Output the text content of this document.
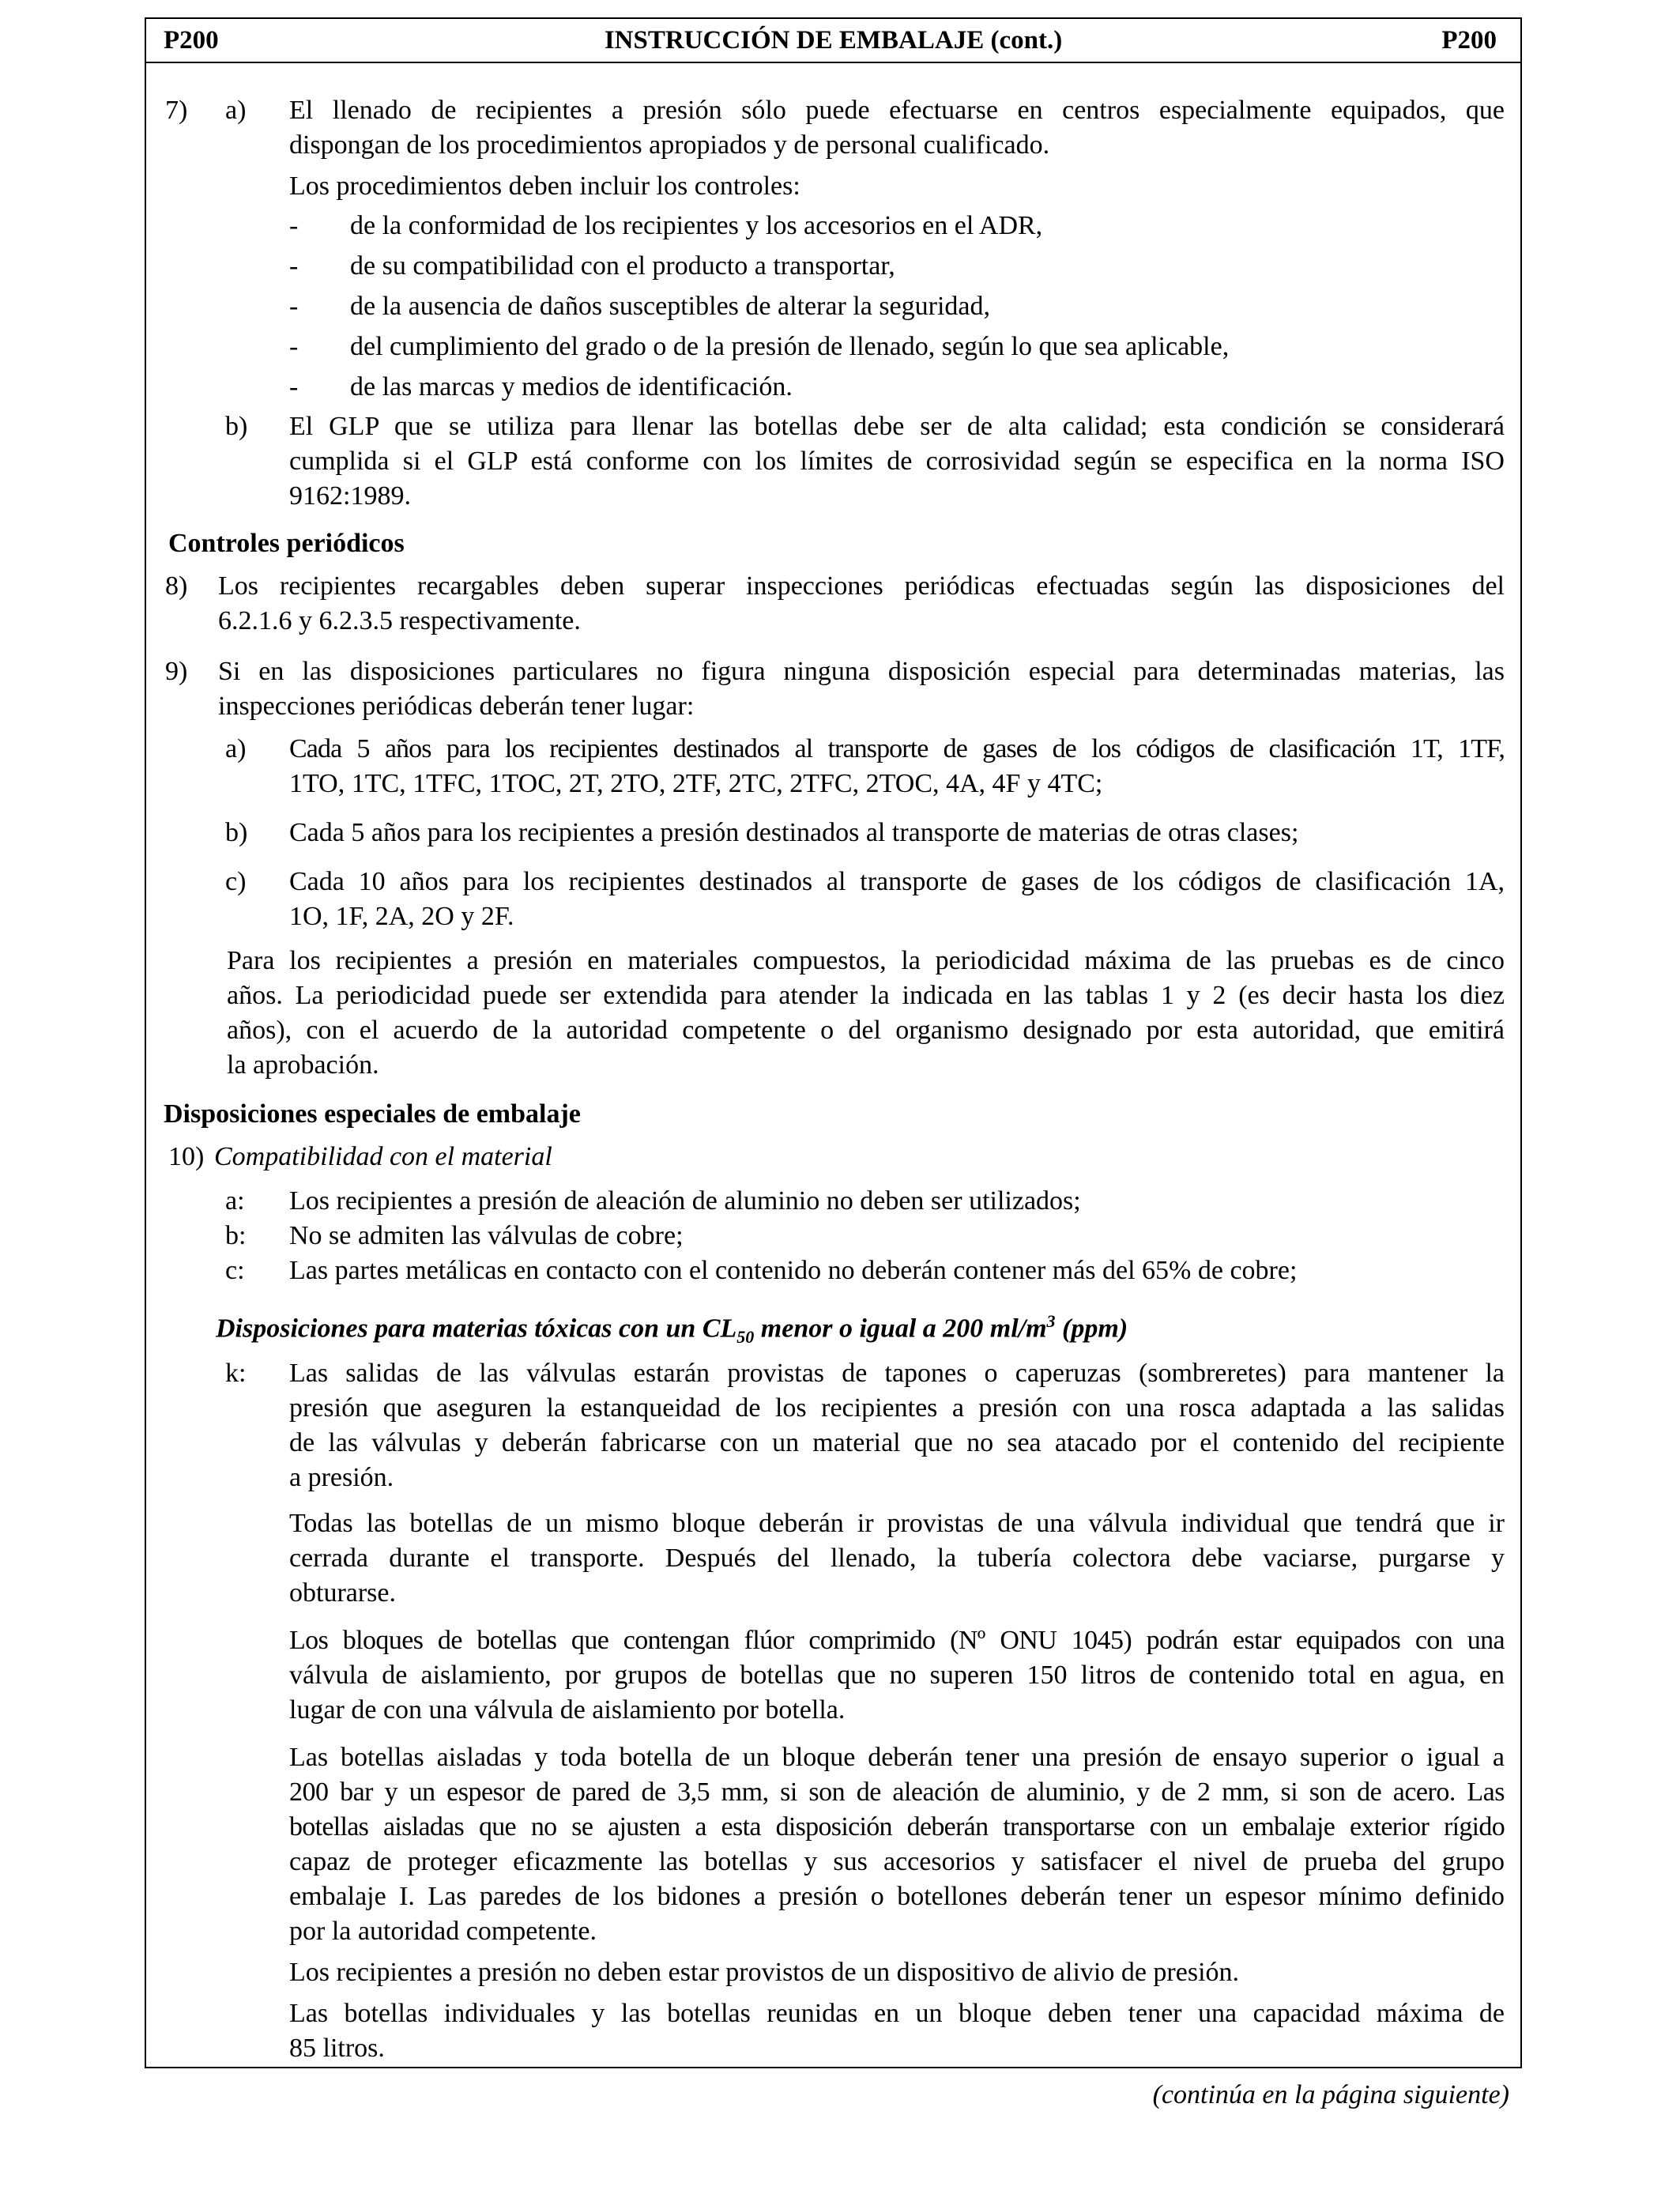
P200	INSTRUCCIÓN DE EMBALAJE (cont.)	P200
7) a) El llenado de recipientes a presión sólo puede efectuarse en centros especialmente equipados, que
dispongan de los procedimientos apropiados y de personal cualificado.
Los procedimientos deben incluir los controles:
- de la conformidad de los recipientes y los accesorios en el ADR,
- de su compatibilidad con el producto a transportar,
- de la ausencia de daños susceptibles de alterar la seguridad,
- del cumplimiento del grado o de la presión de llenado, según lo que sea aplicable,
- de las marcas y medios de identificación.
b) El GLP que se utiliza para llenar las botellas debe ser de alta calidad; esta condición se considerará
cumplida si el GLP está conforme con los límites de corrosividad según se especifica en la norma ISO
9162:1989.
Controles periódicos
8) Los recipientes recargables deben superar inspecciones periódicas efectuadas según las disposiciones del
6.2.1.6 y 6.2.3.5 respectivamente.
9) Si en las disposiciones particulares no figura ninguna disposición especial para determinadas materias, las
inspecciones periódicas deberán tener lugar:
a) Cada 5 años para los recipientes destinados al transporte de gases de los códigos de clasificación 1T, 1TF,
1TO, 1TC, 1TFC, 1TOC, 2T, 2TO, 2TF, 2TC, 2TFC, 2TOC, 4A, 4F y 4TC;
b) Cada 5 años para los recipientes a presión destinados al transporte de materias de otras clases;
c) Cada 10 años para los recipientes destinados al transporte de gases de los códigos de clasificación 1A,
1O, 1F, 2A, 2O y 2F.
Para los recipientes a presión en materiales compuestos, la periodicidad máxima de las pruebas es de cinco
años. La periodicidad puede ser extendida para atender la indicada en las tablas 1 y 2 (es decir hasta los diez
años), con el acuerdo de la autoridad competente o del organismo designado por esta autoridad, que emitirá
la aprobación.
Disposiciones especiales de embalaje
10) Compatibilidad con el material
a: Los recipientes a presión de aleación de aluminio no deben ser utilizados;
b: No se admiten las válvulas de cobre;
c: Las partes metálicas en contacto con el contenido no deberán contener más del 65% de cobre;
Disposiciones para materias tóxicas con un $CL_{50}$ menor o igual a 200 $ml/m^3$ (ppm)
k: Las salidas de las válvulas estarán provistas de tapones o caperuzas (sombreretes) para mantener la
presión que aseguren la estanqueidad de los recipientes a presión con una rosca adaptada a las salidas
de las válvulas y deberán fabricarse con un material que no sea atacado por el contenido del recipiente
a presión.
Todas las botellas de un mismo bloque deberán ir provistas de una válvula individual que tendrá que ir
cerrada durante el transporte. Después del llenado, la tubería colectora debe vaciarse, purgarse y
obturarse.
Los bloques de botellas que contengan flúor comprimido (Nº ONU 1045) podrán estar equipados con una
válvula de aislamiento, por grupos de botellas que no superen 150 litros de contenido total en agua, en
lugar de con una válvula de aislamiento por botella.
Las botellas aisladas y toda botella de un bloque deberán tener una presión de ensayo superior o igual a
200 bar y un espesor de pared de 3,5 mm, si son de aleación de aluminio, y de 2 mm, si son de acero. Las
botellas aisladas que no se ajusten a esta disposición deberán transportarse con un embalaje exterior rígido
capaz de proteger eficazmente las botellas y sus accesorios y satisfacer el nivel de prueba del grupo
embalaje I. Las paredes de los bidones a presión o botellones deberán tener un espesor mínimo definido
por la autoridad competente.
Los recipientes a presión no deben estar provistos de un dispositivo de alivio de presión.
Las botellas individuales y las botellas reunidas en un bloque deben tener una capacidad máxima de
85 litros.
(continúa en la página siguiente)
